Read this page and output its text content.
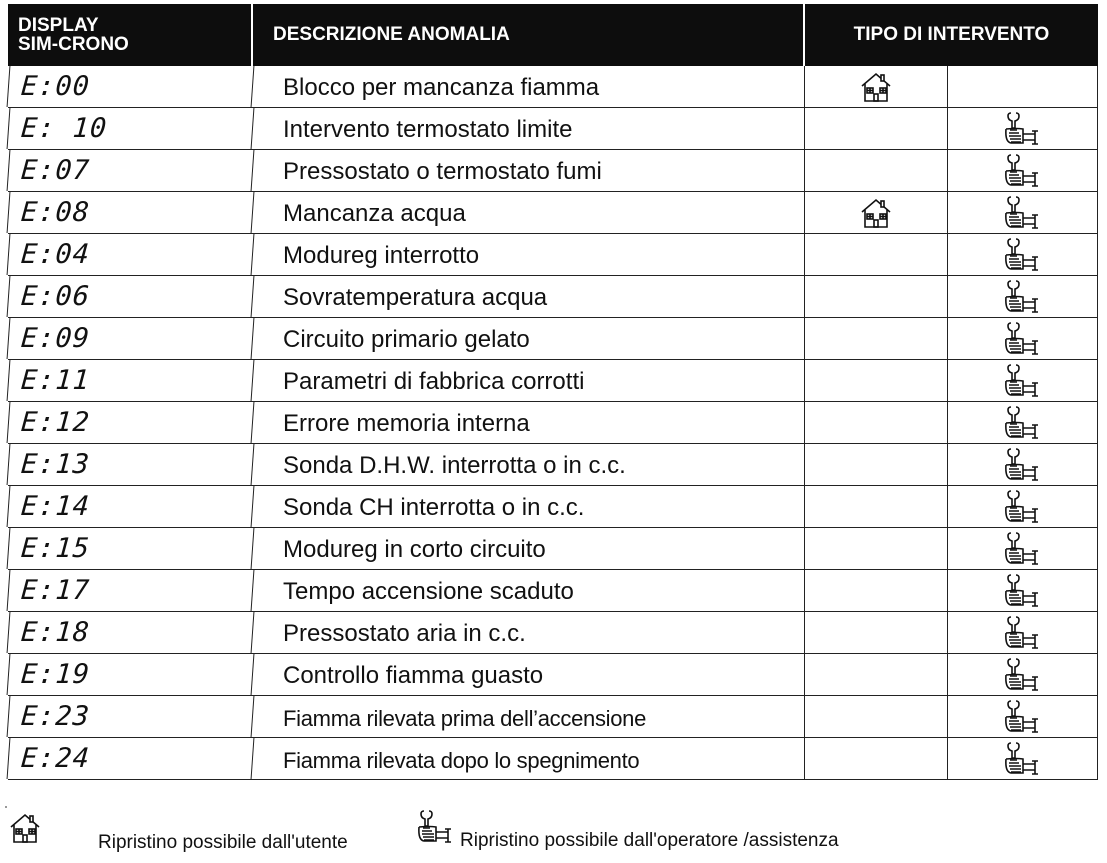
DISPLAY
SIM-CRONO	DESCRIZIONE ANOMALIA	TIPO DI INTERVENTO
E:00	Blocco per mancanza fiamma
E: 10	Intervento termostato limite
E:07	Pressostato o termostato fumi
E:08	Mancanza acqua
E:04	Modureg interrotto
E:06	Sovratemperatura acqua
E:09	Circuito primario gelato
E:11	Parametri di fabbrica corrotti
E:12	Errore memoria interna
E:13	Sonda D.H.W. interrotta o in c.c.
E:14	Sonda CH interrotta o in c.c.
E:15	Modureg in corto circuito
E:17	Tempo accensione scaduto
E:18	Pressostato aria in c.c.
E:19	Controllo fiamma guasto
E:23	Fiamma rilevata prima dell’accensione
E:24	Fiamma rilevata dopo lo spegnimento
Ripristino possibile dall'utente	Ripristino possibile dall'operatore /assistenza
